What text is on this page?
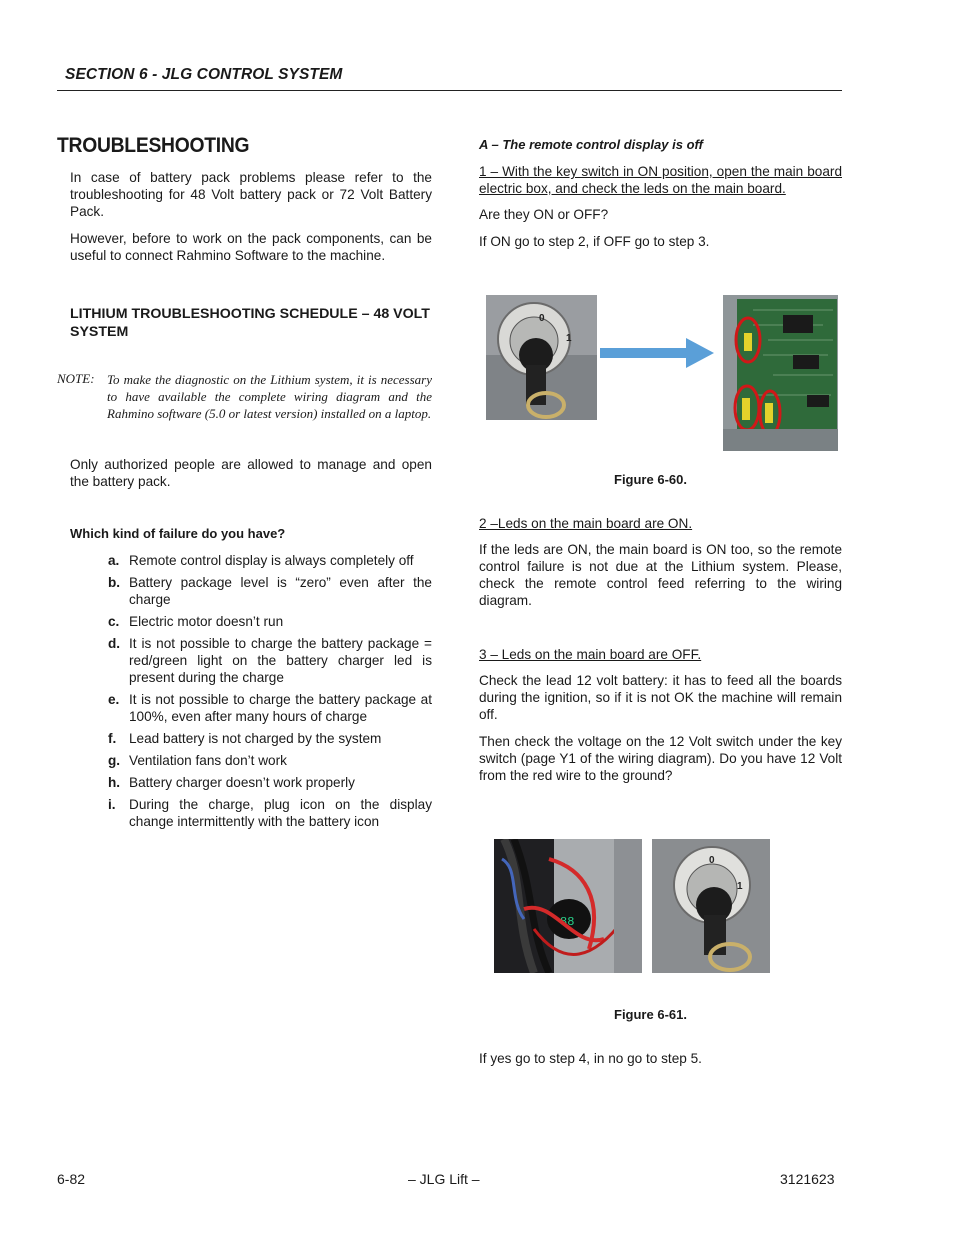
SECTION 6 - JLG CONTROL SYSTEM
TROUBLESHOOTING
In case of battery pack problems please refer to the troubleshooting for 48 Volt battery pack or 72 Volt Battery Pack.
However, before to work on the pack components, can be useful to connect Rahmino Software to the machine.
LITHIUM TROUBLESHOOTING SCHEDULE – 48 VOLT SYSTEM
NOTE: To make the diagnostic on the Lithium system, it is necessary to have available the complete wiring diagram and the Rahmino software (5.0 or latest version) installed on a laptop.
Only authorized people are allowed to manage and open the battery pack.
Which kind of failure do you have?
a. Remote control display is always completely off
b. Battery package level is “zero” even after the charge
c. Electric motor doesn’t run
d. It is not possible to charge the battery package = red/green light on the battery charger led is present during the charge
e. It is not possible to charge the battery package at 100%, even after many hours of charge
f. Lead battery is not charged by the system
g. Ventilation fans don’t work
h. Battery charger doesn’t work properly
i. During the charge, plug icon on the display change intermittently with the battery icon
A – The remote control display is off
1 – With the key switch in ON position, open the main board electric box, and check the leds on the main board.
Are they ON or OFF?
If ON go to step 2, if OFF go to step 3.
0
1
Figure 6-60.
2 –Leds on the main board are ON.
If the leds are ON, the main board is ON too, so the remote control failure is not due at the Lithium system. Please, check the remote control feed referring to the wiring diagram.
3 – Leds on the main board are OFF.
Check the lead 12 volt battery: it has to feed all the boards during the ignition, so if it is not OK the machine will remain off.
Then check the voltage on the 12 Volt switch under the key switch (page Y1 of the wiring diagram). Do you have 12 Volt from the red wire to the ground?
88
0
1
Figure 6-61.
If yes go to step 4, in no go to step 5.
6-82	– JLG Lift –	3121623
